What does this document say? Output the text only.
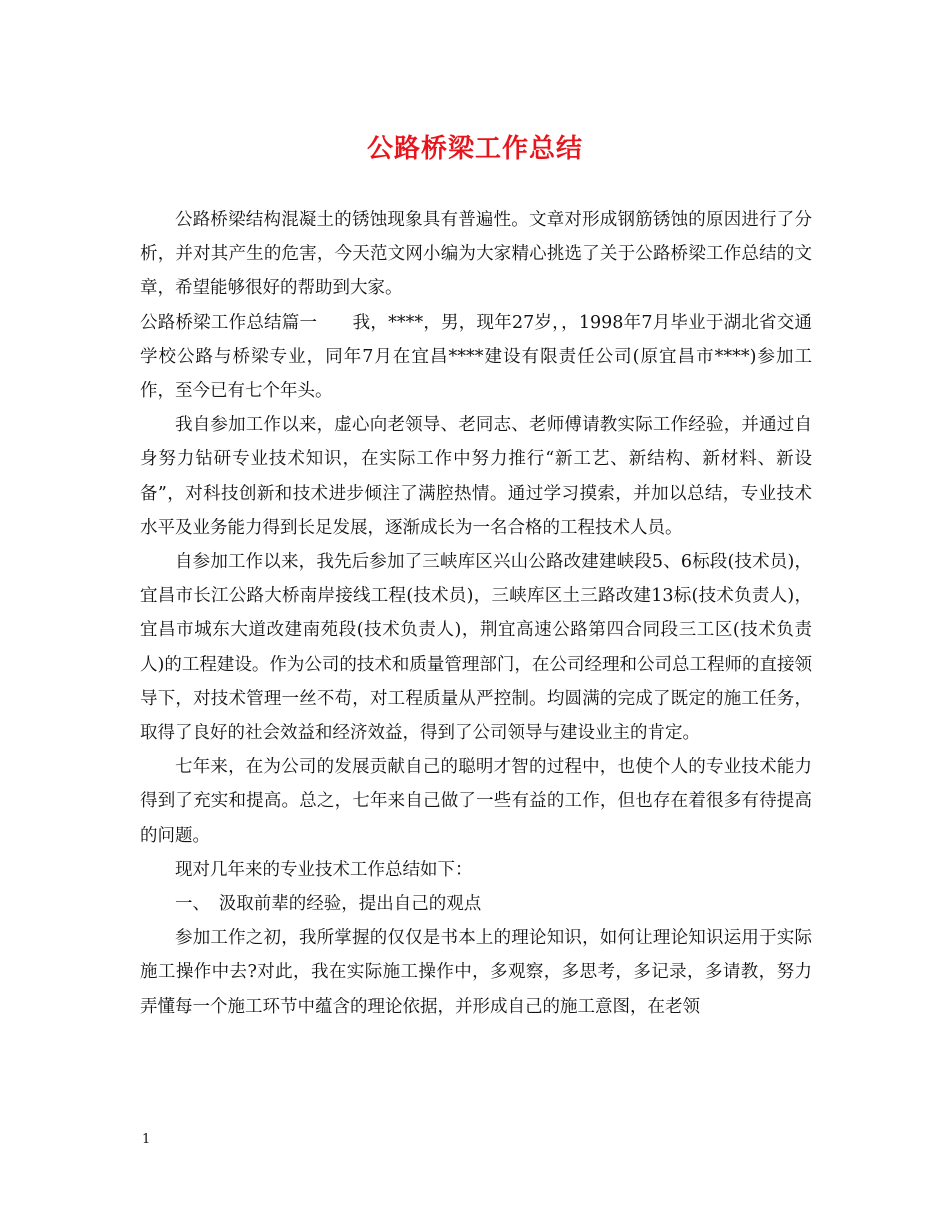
公路桥梁工作总结

公路桥梁结构混凝土的锈蚀现象具有普遍性。文章对形成钢筋锈蚀的原因进行了分析，并对其产生的危害，今天范文网小编为大家精心挑选了关于公路桥梁工作总结的文章，希望能够很好的帮助到大家。

公路桥梁工作总结篇一　　我，****，男，现年27岁，，1998年7月毕业于湖北省交通学校公路与桥梁专业，同年7月在宜昌****建设有限责任公司(原宜昌市****)参加工作，至今已有七个年头。

我自参加工作以来，虚心向老领导、老同志、老师傅请教实际工作经验，并通过自身努力钻研专业技术知识，在实际工作中努力推行“新工艺、新结构、新材料、新设备”，对科技创新和技术进步倾注了满腔热情。通过学习摸索，并加以总结，专业技术水平及业务能力得到长足发展，逐渐成长为一名合格的工程技术人员。

自参加工作以来，我先后参加了三峡库区兴山公路改建建峡段5、6标段(技术员)，宜昌市长江公路大桥南岸接线工程(技术员)，三峡库区土三路改建13标(技术负责人)，宜昌市城东大道改建南苑段(技术负责人)，荆宜高速公路第四合同段三工区(技术负责人)的工程建设。作为公司的技术和质量管理部门，在公司经理和公司总工程师的直接领导下，对技术管理一丝不苟，对工程质量从严控制。均圆满的完成了既定的施工任务，取得了良好的社会效益和经济效益，得到了公司领导与建设业主的肯定。

七年来，在为公司的发展贡献自己的聪明才智的过程中，也使个人的专业技术能力得到了充实和提高。总之，七年来自己做了一些有益的工作，但也存在着很多有待提高的问题。

现对几年来的专业技术工作总结如下：

一、　汲取前辈的经验，提出自己的观点

参加工作之初，我所掌握的仅仅是书本上的理论知识，如何让理论知识运用于实际施工操作中去?对此，我在实际施工操作中，多观察，多思考，多记录，多请教，努力弄懂每一个施工环节中蕴含的理论依据，并形成自己的施工意图，在老领

1
